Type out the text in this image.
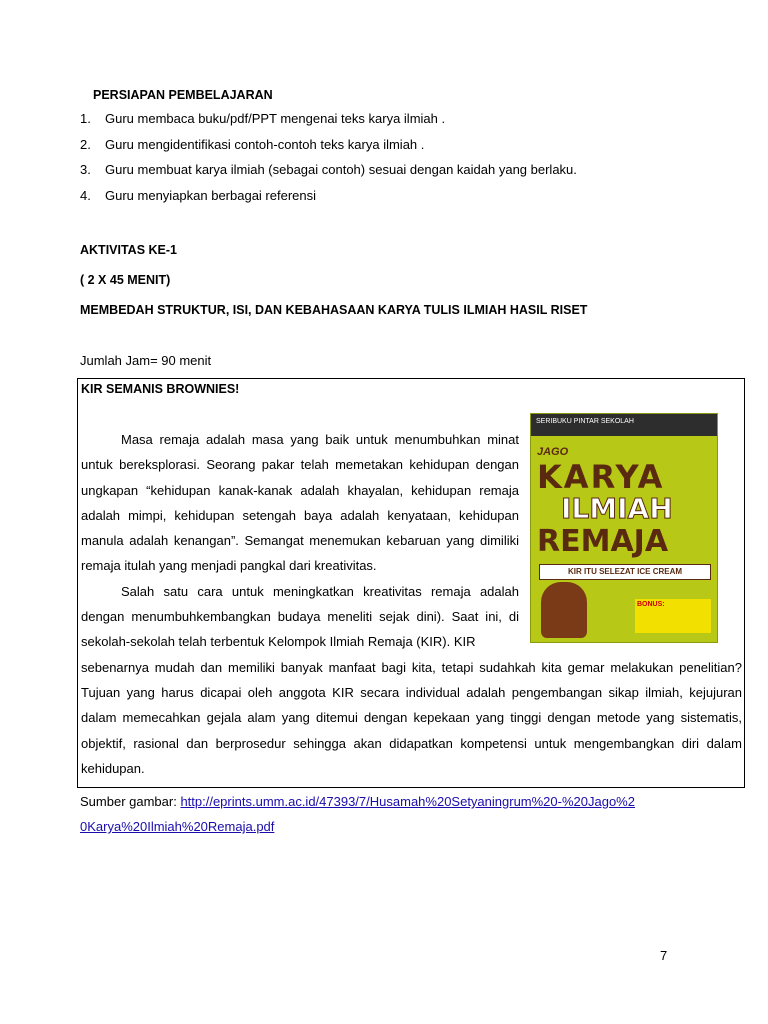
PERSIAPAN PEMBELAJARAN
1.	Guru membaca buku/pdf/PPT mengenai teks karya ilmiah .
2.	Guru mengidentifikasi contoh-contoh teks karya ilmiah .
3.	Guru membuat karya ilmiah (sebagai contoh) sesuai dengan kaidah yang berlaku.
4.	Guru menyiapkan berbagai referensi
AKTIVITAS KE-1
( 2 X 45 MENIT)
MEMBEDAH STRUKTUR, ISI, DAN KEBAHASAAN KARYA TULIS ILMIAH HASIL RISET
Jumlah Jam= 90 menit
KIR SEMANIS BROWNIES!
SERIBUKU PINTAR SEKOLAH
JAGO
KARYA
ILMIAH
REMAJA
KIR ITU SELEZAT ICE CREAM
BONUS:

Masa remaja adalah masa yang baik untuk menumbuhkan minat untuk bereksplorasi. Seorang pakar telah memetakan kehidupan dengan ungkapan “kehidupan kanak-kanak adalah khayalan, kehidupan remaja adalah mimpi, kehidupan setengah baya adalah kenyataan, kehidupan manula adalah kenangan”. Semangat menemukan kebaruan yang dimiliki remaja itulah yang menjadi pangkal dari kreativitas.

Salah satu cara untuk meningkatkan kreativitas remaja adalah dengan menumbuhkembangkan budaya meneliti sejak dini). Saat ini, di sekolah-sekolah telah terbentuk Kelompok Ilmiah Remaja (KIR). KIR

sebenarnya mudah dan memiliki banyak manfaat bagi kita, tetapi sudahkah kita gemar melakukan penelitian? Tujuan yang harus dicapai oleh anggota KIR secara individual adalah pengembangan sikap ilmiah, kejujuran dalam memecahkan gejala alam yang ditemui dengan kepekaan yang tinggi dengan metode yang sistematis, objektif, rasional dan berprosedur sehingga akan didapatkan kompetensi untuk mengembangkan diri dalam kehidupan.

Sumber gambar: http://eprints.umm.ac.id/47393/7/Husamah%20Setyaningrum%20-%20Jago%20Karya%20Ilmiah%20Remaja.pdf
7
